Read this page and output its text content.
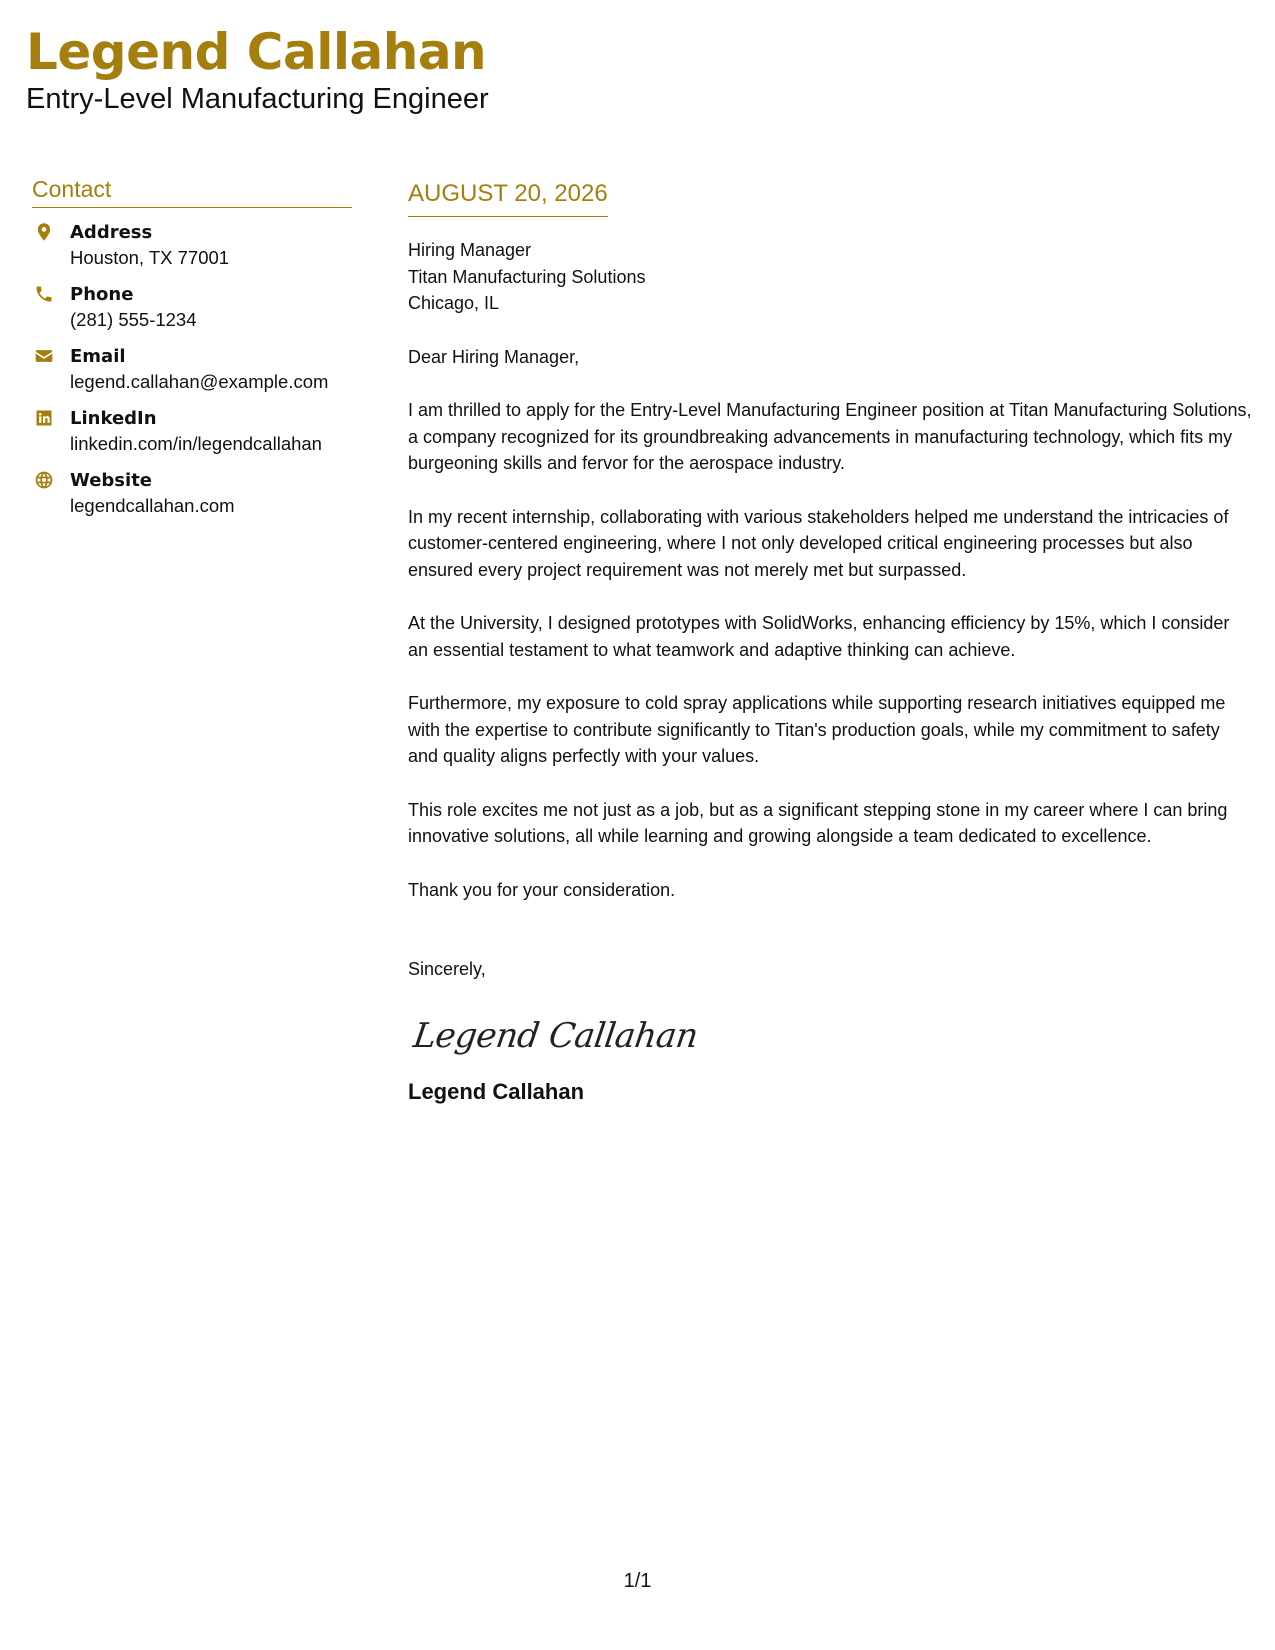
Legend Callahan
Entry-Level Manufacturing Engineer
Contact
Address
Houston, TX 77001
Phone
(281) 555-1234
Email
legend.callahan@example.com
LinkedIn
linkedin.com/in/legendcallahan
Website
legendcallahan.com
AUGUST 20, 2026
Hiring Manager
Titan Manufacturing Solutions
Chicago, IL
Dear Hiring Manager,
I am thrilled to apply for the Entry-Level Manufacturing Engineer position at Titan Manufacturing Solutions, a company recognized for its groundbreaking advancements in manufacturing technology, which fits my burgeoning skills and fervor for the aerospace industry.
In my recent internship, collaborating with various stakeholders helped me understand the intricacies of customer-centered engineering, where I not only developed critical engineering processes but also ensured every project requirement was not merely met but surpassed.
At the University, I designed prototypes with SolidWorks, enhancing efficiency by 15%, which I consider an essential testament to what teamwork and adaptive thinking can achieve.
Furthermore, my exposure to cold spray applications while supporting research initiatives equipped me with the expertise to contribute significantly to Titan's production goals, while my commitment to safety and quality aligns perfectly with your values.
This role excites me not just as a job, but as a significant stepping stone in my career where I can bring innovative solutions, all while learning and growing alongside a team dedicated to excellence.
Thank you for your consideration.
Sincerely,
Legend Callahan
Legend Callahan
1/1
